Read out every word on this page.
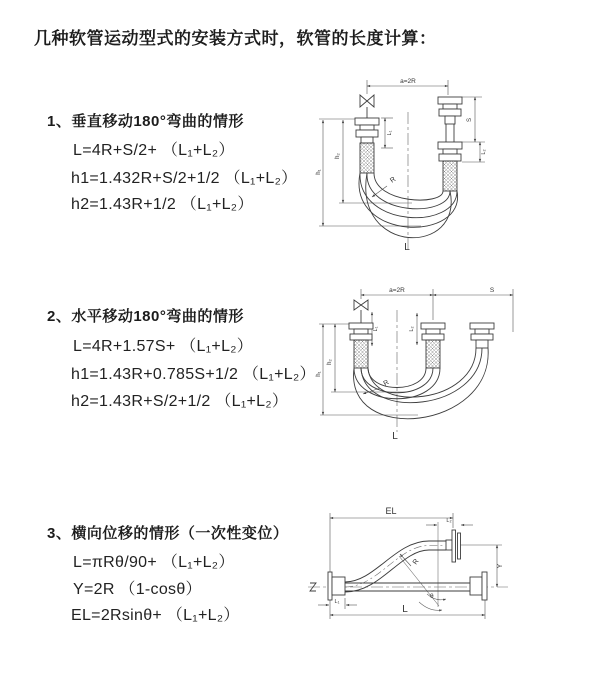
几种软管运动型式的安装方式时，软管的长度计算：
1、垂直移动180°弯曲的情形
L=4R+S/2+ （L₁+L₂）
h1=1.432R+S/2+1/2 （L₁+L₂）
h2=1.43R+1/2 （L₁+L₂）
a=2R
L₁
S
L₂
h₁
h₂
R
L
2、水平移动180°弯曲的情形
L=4R+1.57S+ （L₁+L₂）
h1=1.43R+0.785S+1/2 （L₁+L₂）
h2=1.43R+S/2+1/2 （L₁+L₂）
a=2R	S
L₁	L₂
h₁
h₂
R
L
3、横向位移的情形（一次性变位）
L=πRθ/90+ （L₁+L₂）
Y=2R （1-cosθ）
EL=2Rsinθ+ （L₁+L₂）
EL
L₂
Y
R
θ
L
L₁
